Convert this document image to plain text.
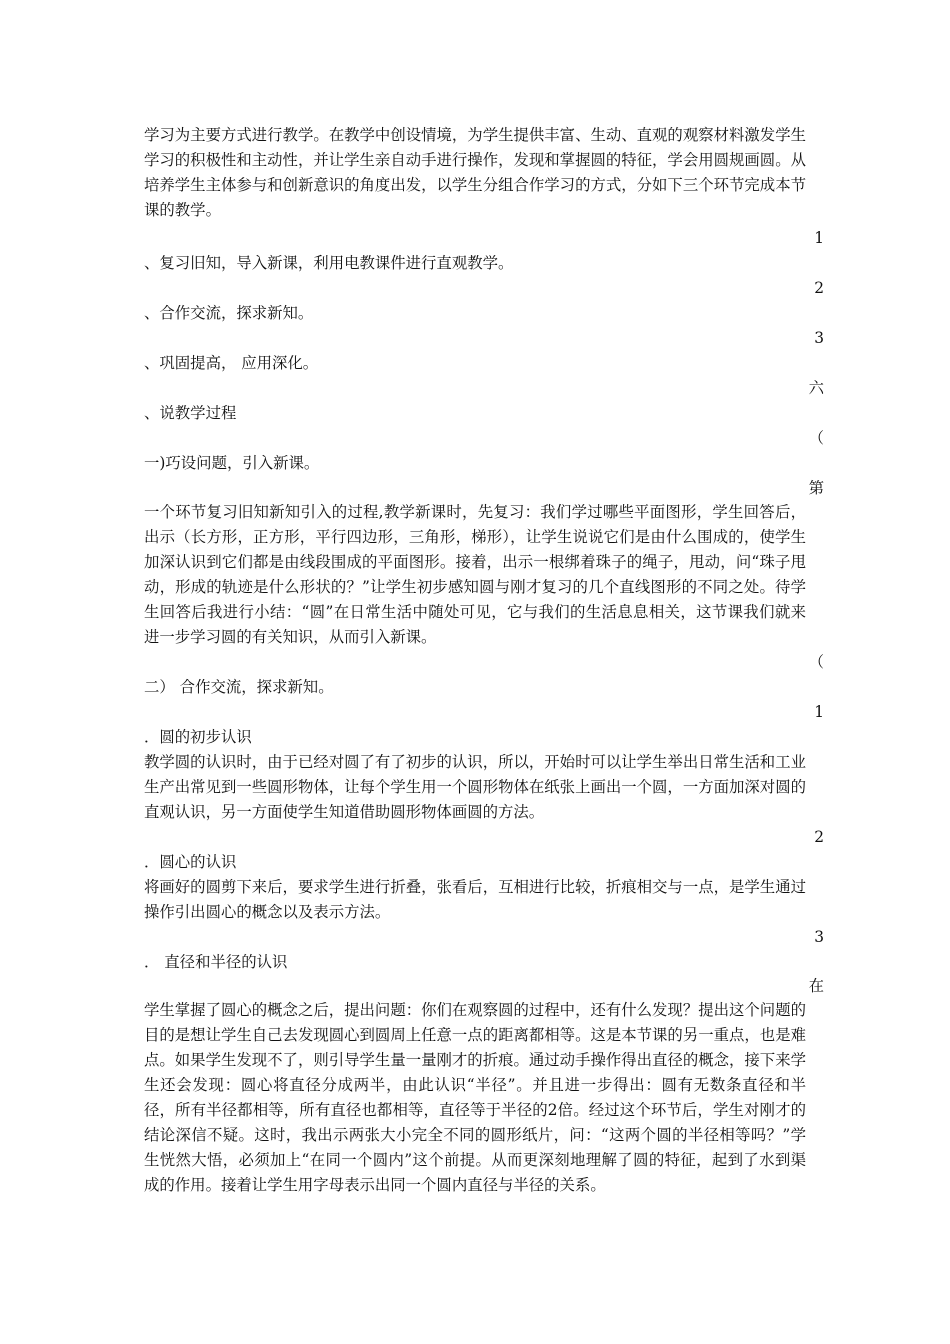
学习为主要方式进行教学。在教学中创设情境，为学生提供丰富、生动、直观的观察材料激发学生学习的积极性和主动性，并让学生亲自动手进行操作，发现和掌握圆的特征，学会用圆规画圆。从培养学生主体参与和创新意识的角度出发，以学生分组合作学习的方式，分如下三个环节完成本节课的教学。

1
、复习旧知，导入新课，利用电教课件进行直观教学。
2
、合作交流，探求新知。
3
、巩固提高， 应用深化。
六
、说教学过程
（
一)巧设问题，引入新课。
第

一个环节复习旧知新知引入的过程,教学新课时，先复习：我们学过哪些平面图形，学生回答后，出示（长方形，正方形，平行四边形，三角形，梯形），让学生说说它们是由什么围成的，使学生加深认识到它们都是由线段围成的平面图形。接着，出示一根绑着珠子的绳子，甩动，问“珠子甩动，形成的轨迹是什么形状的？”让学生初步感知圆与刚才复习的几个直线图形的不同之处。待学生回答后我进行小结：“圆”在日常生活中随处可见，它与我们的生活息息相关，这节课我们就来进一步学习圆的有关知识，从而引入新课。

（
二） 合作交流，探求新知。
1
．圆的初步认识

教学圆的认识时，由于已经对圆了有了初步的认识，所以，开始时可以让学生举出日常生活和工业生产出常见到一些圆形物体，让每个学生用一个圆形物体在纸张上画出一个圆，一方面加深对圆的直观认识，另一方面使学生知道借助圆形物体画圆的方法。

2
．圆心的认识

将画好的圆剪下来后，要求学生进行折叠，张看后，互相进行比较，折痕相交与一点，是学生通过操作引出圆心的概念以及表示方法。

3
． 直径和半径的认识
在

学生掌握了圆心的概念之后，提出问题：你们在观察圆的过程中，还有什么发现？提出这个问题的目的是想让学生自己去发现圆心到圆周上任意一点的距离都相等。这是本节课的另一重点，也是难点。如果学生发现不了，则引导学生量一量刚才的折痕。通过动手操作得出直径的概念，接下来学生还会发现：圆心将直径分成两半，由此认识“半径”。并且进一步得出：圆有无数条直径和半径，所有半径都相等，所有直径也都相等，直径等于半径的2倍。经过这个环节后，学生对刚才的结论深信不疑。这时，我出示两张大小完全不同的圆形纸片，问：“这两个圆的半径相等吗？”学生恍然大悟，必须加上“在同一个圆内”这个前提。从而更深刻地理解了圆的特征，起到了水到渠成的作用。接着让学生用字母表示出同一个圆内直径与半径的关系。
